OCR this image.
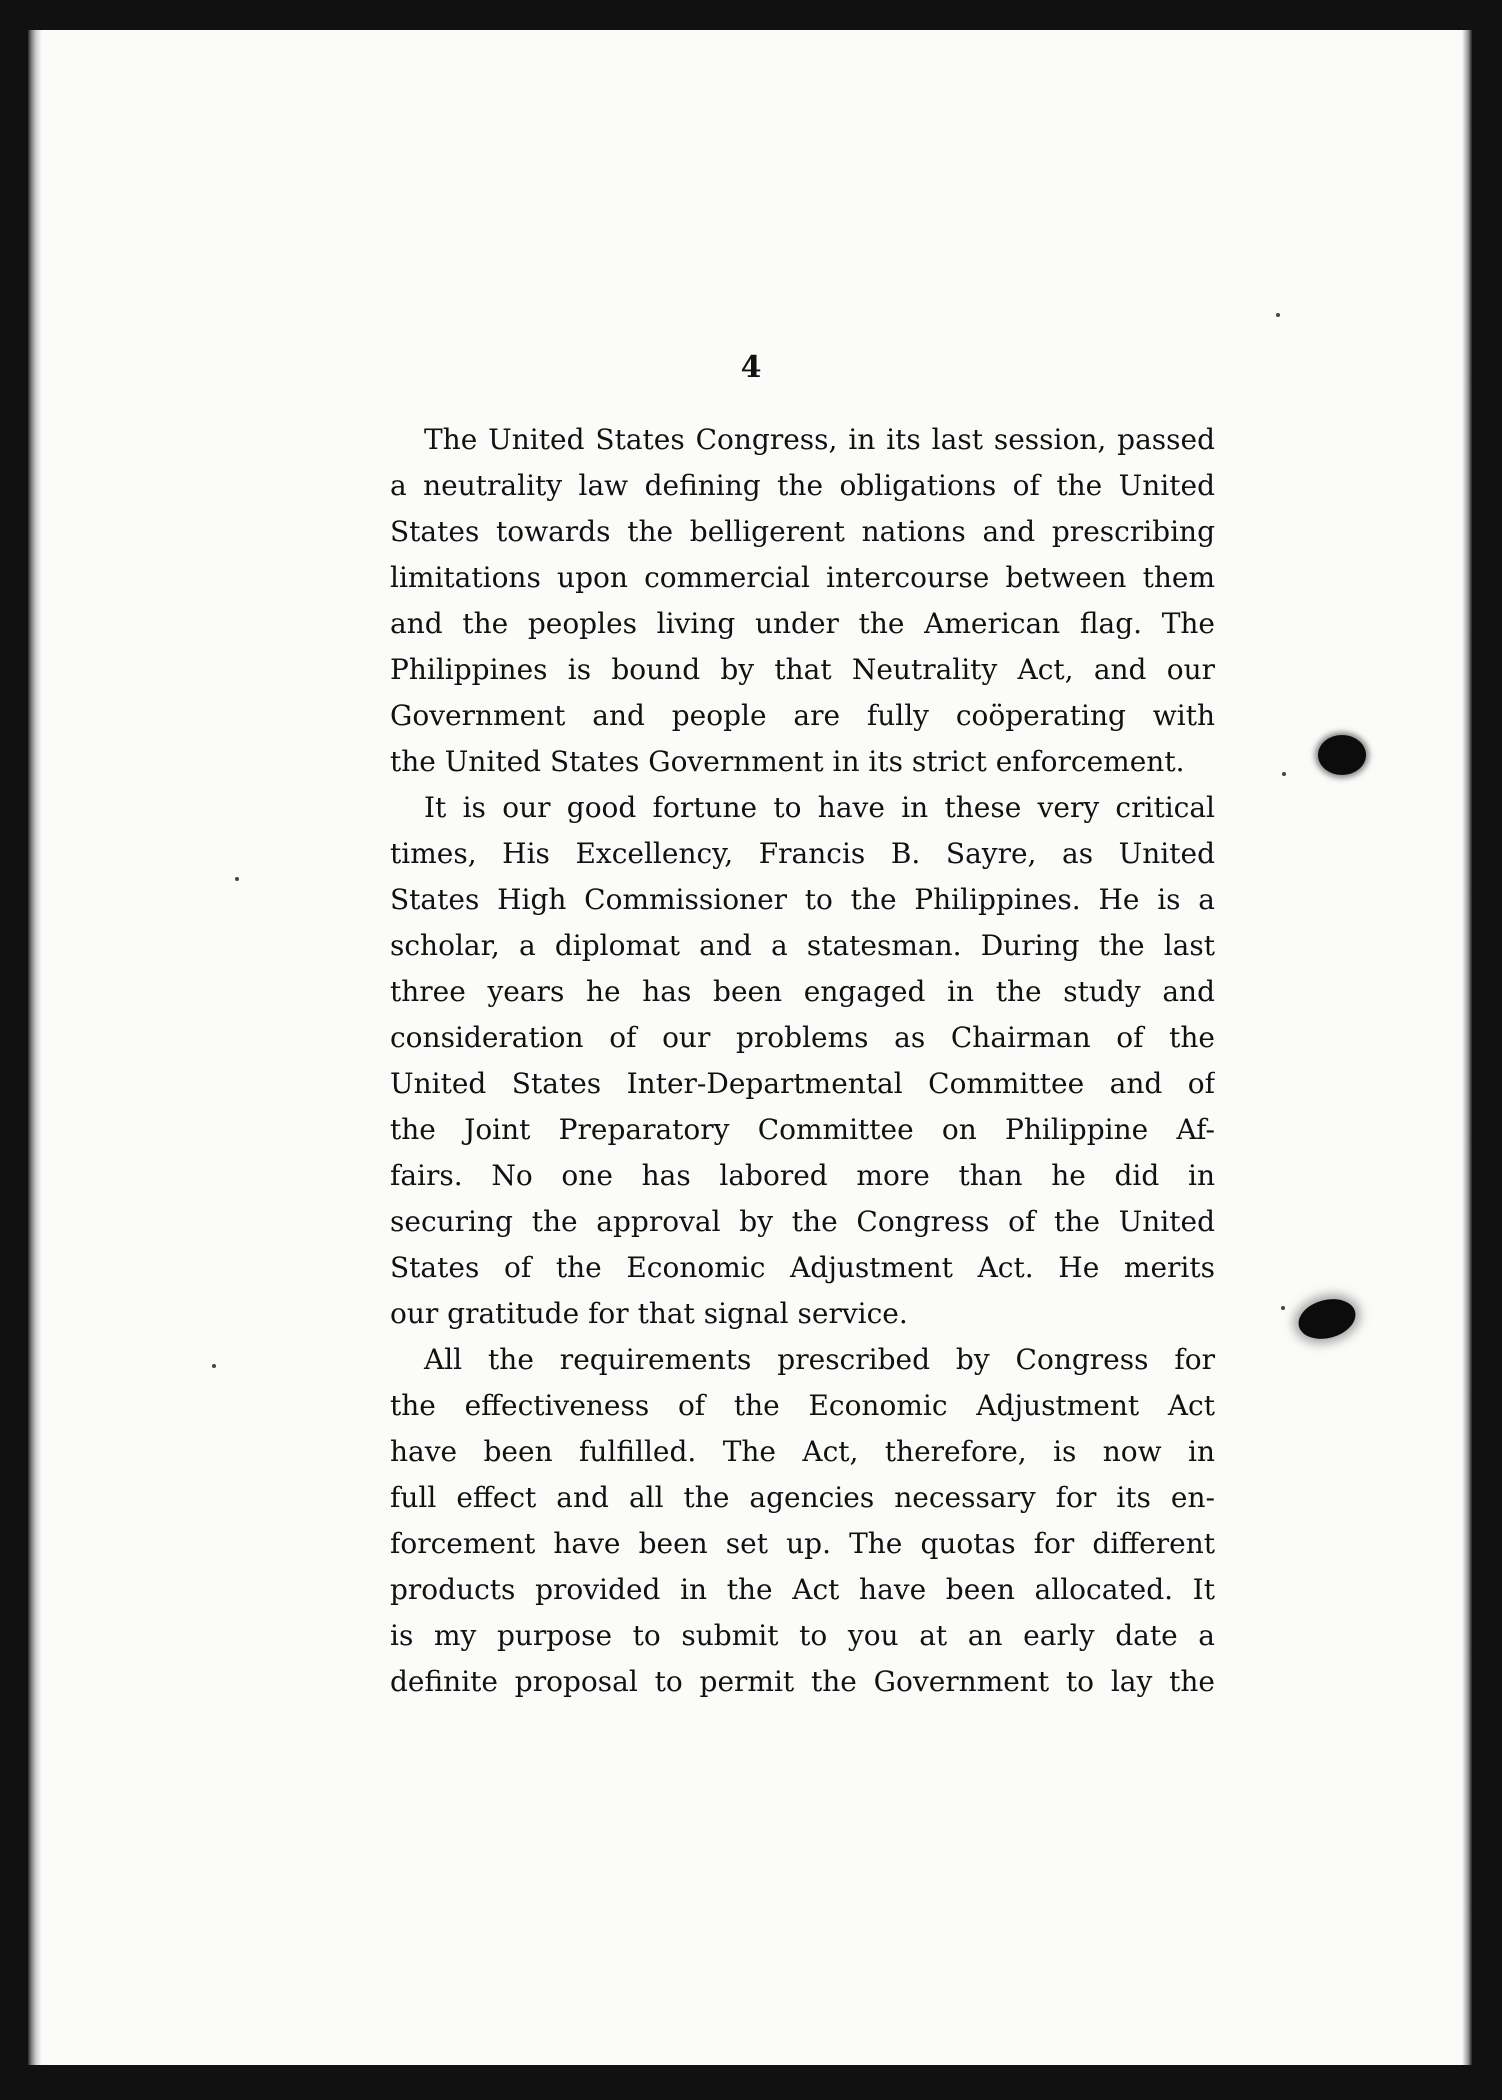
4

The United States Congress, in its last session, passed
a neutrality law defining the obligations of the United
States towards the belligerent nations and prescribing
limitations upon commercial intercourse between them
and the peoples living under the American flag. The
Philippines is bound by that Neutrality Act, and our
Government and people are fully coöperating with
the United States Government in its strict enforcement.
It is our good fortune to have in these very critical
times, His Excellency, Francis B. Sayre, as United
States High Commissioner to the Philippines. He is a
scholar, a diplomat and a statesman. During the last
three years he has been engaged in the study and
consideration of our problems as Chairman of the
United States Inter-Departmental Committee and of
the Joint Preparatory Committee on Philippine Af-
fairs. No one has labored more than he did in
securing the approval by the Congress of the United
States of the Economic Adjustment Act. He merits
our gratitude for that signal service.
All the requirements prescribed by Congress for
the effectiveness of the Economic Adjustment Act
have been fulfilled. The Act, therefore, is now in
full effect and all the agencies necessary for its en-
forcement have been set up. The quotas for different
products provided in the Act have been allocated. It
is my purpose to submit to you at an early date a
definite proposal to permit the Government to lay the
